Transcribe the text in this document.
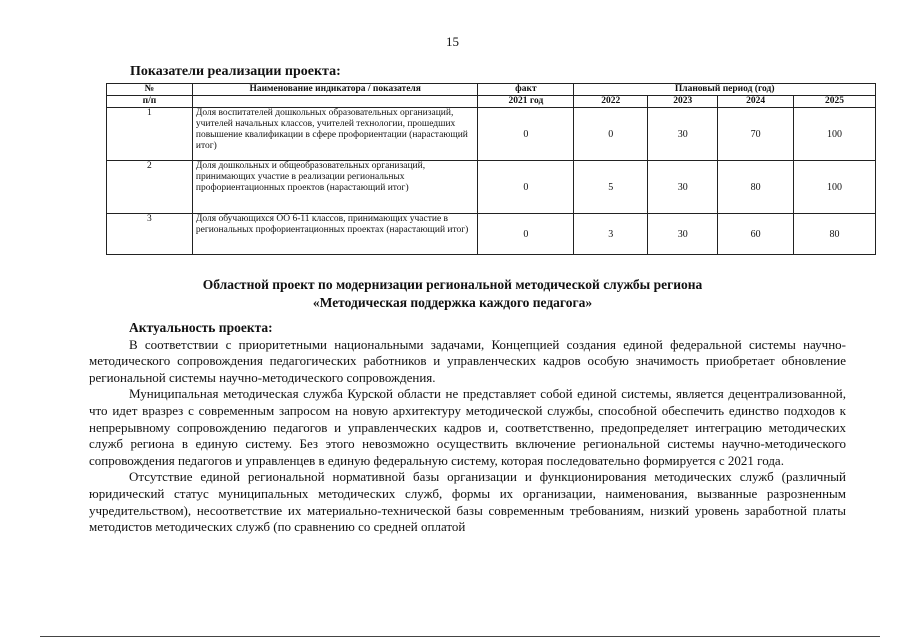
15
Показатели реализации проекта:
№	Наименование индикатора / показателя	факт	Плановый период (год)			
п/п		2021 год	2022	2023	2024	2025
1	Доля воспитателей дошкольных образовательных организаций, учителей начальных классов, учителей технологии, прошедших повышение квалификации в сфере профориентации (нарастающий итог)	0	0	30	70	100
2	Доля дошкольных и общеобразовательных организаций, принимающих участие в реализации региональных профориентационных проектов (нарастающий итог)	0	5	30	80	100
3	Доля обучающихся ОО 6-11 классов, принимающих участие в региональных профориентационных проектах (нарастающий итог)	0	3	30	60	80
Областной проект по модернизации региональной методической службы региона
«Методическая поддержка каждого педагога»

Актуальность проекта:

В соответствии с приоритетными национальными задачами, Концепцией создания единой федеральной системы научно-методического сопровождения педагогических работников и управленческих кадров особую значимость приобретает обновление региональной системы научно-методического сопровождения.

Муниципальная методическая служба Курской области не представляет собой единой системы, является децентрализованной, что идет вразрез с современным запросом на новую архитектуру методической службы, способной обеспечить единство подходов к непрерывному сопровождению педагогов и управленческих кадров и, соответственно, предопределяет интеграцию методических служб региона в единую систему. Без этого невозможно осуществить включение региональной системы научно-методического сопровождения педагогов и управленцев в единую федеральную систему, которая последовательно формируется с 2021 года.

Отсутствие единой региональной нормативной базы организации и функционирования методических служб (различный юридический статус муниципальных методических служб, формы их организации, наименования, вызванные разрозненным учредительством), несоответствие их материально-технической базы современным требованиям, низкий уровень заработной платы методистов методических служб (по сравнению со средней оплатой
